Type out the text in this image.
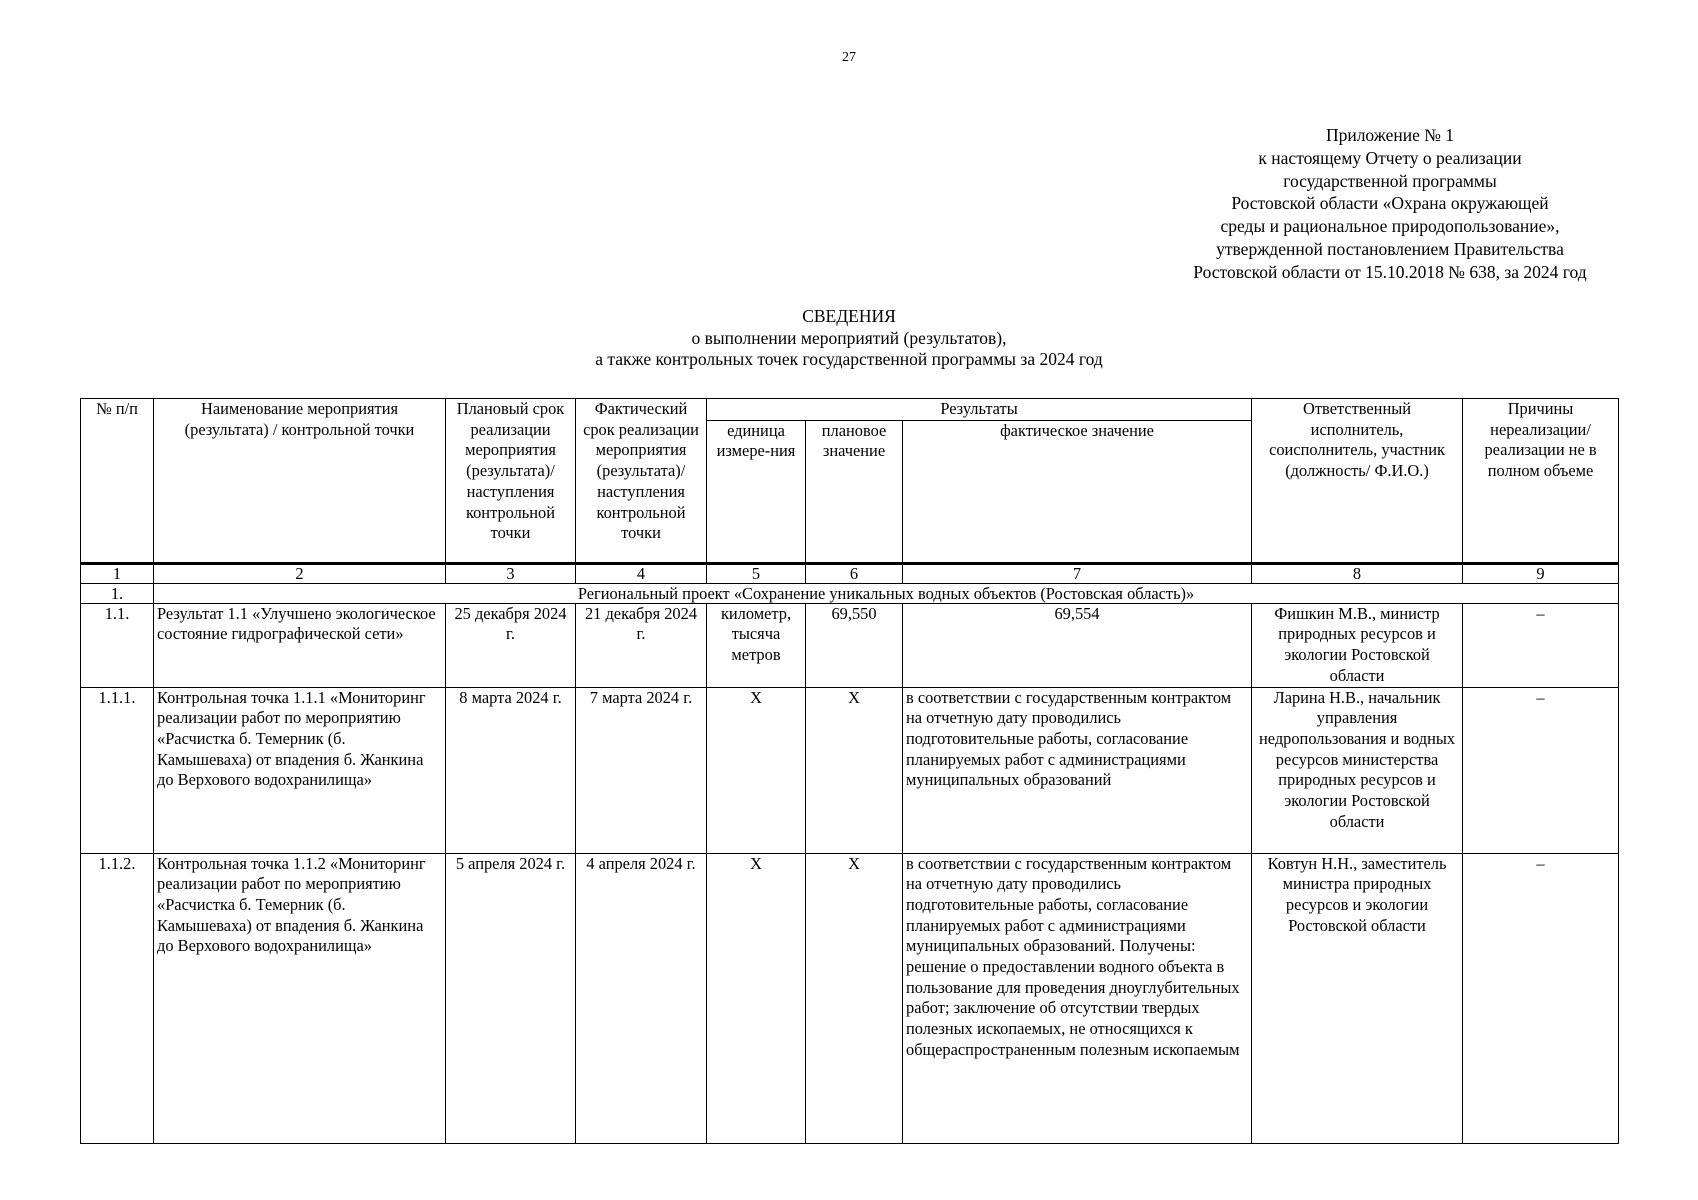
27
Приложение № 1
к настоящему Отчету о реализации
государственной программы
Ростовской области «Охрана окружающей
среды и рациональное природопользование»,
утвержденной постановлением Правительства
Ростовской области от 15.10.2018 № 638, за 2024 год
СВЕДЕНИЯ
о выполнении мероприятий (результатов),
а также контрольных точек государственной программы за 2024 год
№ п/п	Наименование мероприятия (результата) / контрольной точки	Плановый срок реализации мероприятия (результата)/ наступления контрольной точки	Фактический срок реализации мероприятия (результата)/ наступления контрольной точки	Результаты			Ответственный исполнитель, соисполнитель, участник (должность/ Ф.И.О.)	Причины нереализации/ реализации не в полном объеме
				единица измере-ния	плановое значение	фактическое значение		
1	2	3	4	5	6	7	8	9
1.	Региональный проект «Сохранение уникальных водных объектов (Ростовская область)»							
1.1.	Результат 1.1 «Улучшено экологическое состояние гидрографической сети»	25 декабря 2024 г.	21 декабря 2024 г.	километр, тысяча метров	69,550	69,554	Фишкин М.В., министр природных ресурсов и экологии Ростовской области	–
1.1.1.	Контрольная точка 1.1.1 «Мониторинг реализации работ по мероприятию «Расчистка б. Темерник (б. Камышеваха) от впадения б. Жанкина до Верхового водохранилища»	8 марта 2024 г.	7 марта 2024 г.	X	X	в соответствии с государственным контрактом на отчетную дату проводились подготовительные работы, согласование планируемых работ с администрациями муниципальных образований	Ларина Н.В., начальник управления недропользования и водных ресурсов министерства природных ресурсов и экологии Ростовской области	–
1.1.2.	Контрольная точка 1.1.2 «Мониторинг реализации работ по мероприятию «Расчистка б. Темерник (б. Камышеваха) от впадения б. Жанкина до Верхового водохранилища»	5 апреля 2024 г.	4 апреля 2024 г.	X	X	в соответствии с государственным контрактом на отчетную дату проводились подготовительные работы, согласование планируемых работ с администрациями муниципальных образований. Получены: решение о предоставлении водного объекта в пользование для проведения дноуглубительных работ; заключение об отсутствии твердых полезных ископаемых, не относящихся к общераспространенным полезным ископаемым	Ковтун Н.Н., заместитель министра природных ресурсов и экологии Ростовской области	–
